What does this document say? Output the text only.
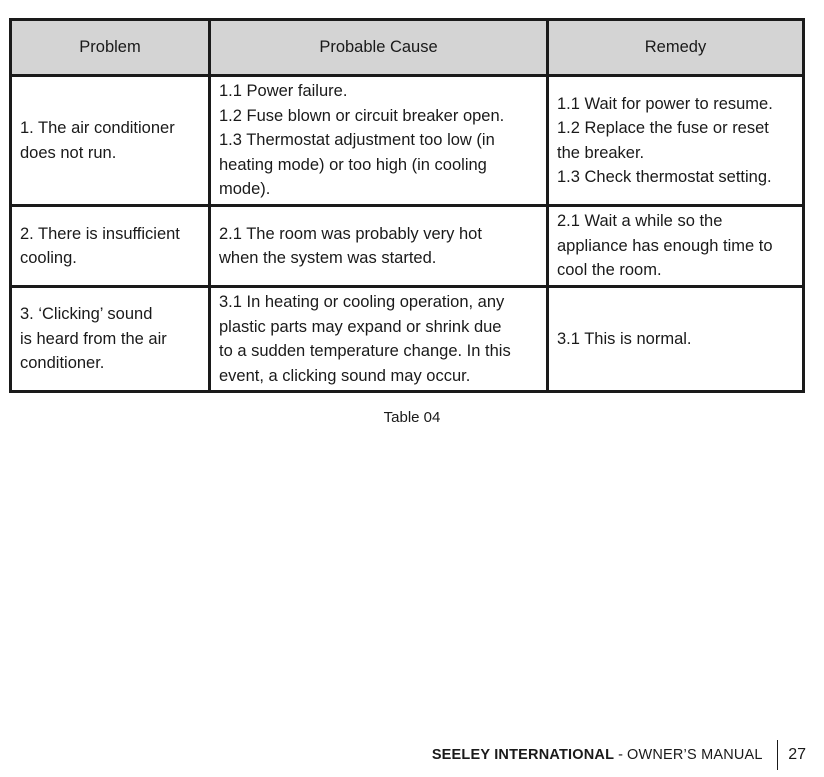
Problem	Probable Cause	Remedy

1. The air conditioner
does not run.	1.1 Power failure.
1.2 Fuse blown or circuit breaker open.
1.3 Thermostat adjustment too low (in
heating mode) or too high (in cooling
mode).	1.1 Wait for power to resume.
1.2 Replace the fuse or reset
the breaker.
1.3 Check thermostat setting.

2. There is insufficient
cooling.	2.1 The room was probably very hot
when the system was started.	2.1 Wait a while so the
appliance has enough time to
cool the room.

3. ‘Clicking’ sound
is heard from the air
conditioner.	3.1 In heating or cooling operation, any
plastic parts may expand or shrink due
to a sudden temperature change. In this
event, a clicking sound may occur.	3.1 This is normal.
Table 04
SEELEY INTERNATIONAL - OWNER’S MANUAL 27
